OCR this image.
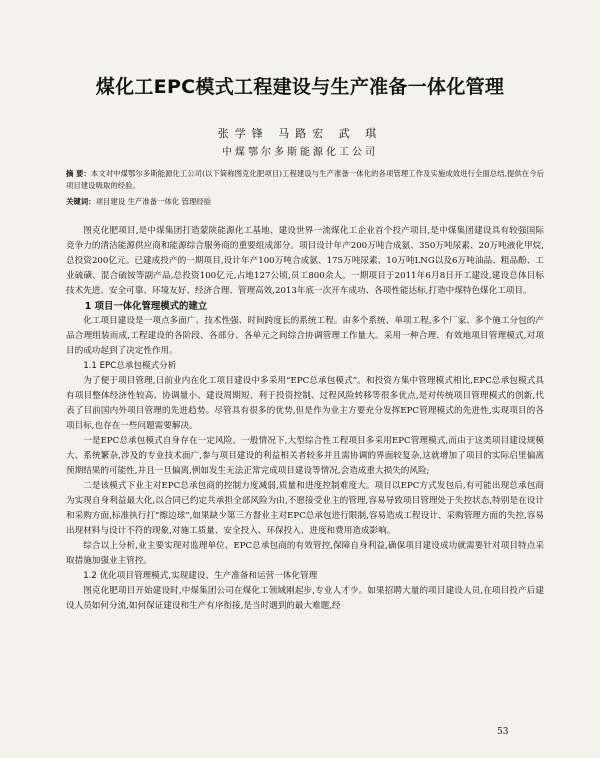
煤化工EPC模式工程建设与生产准备一体化管理
张学锋 马路宏 武 琪
中煤鄂尔多斯能源化工公司
摘 要：本文对中煤鄂尔多斯能源化工公司(以下简称图克化肥项目)工程建设与生产准备一体化的各项管理工作及实施成效进行全面总结,提供在今后项目建设吸取的经验。
关键词：项目建设 生产准备一体化 管理经验

图克化肥项目,是中煤集团打造蒙陕能源化工基地、建设世界一流煤化工企业首个投产项目,是中煤集团建设具有较强国际竞争力的清洁能源供应商和能源综合服务商的重要组成部分。项目设计年产200万吨合成氨、350万吨尿素、20万吨液化甲烷,总投资200亿元。已建成投产的一期项目,设计年产100万吨合成氨、175万吨尿素、10万吨LNG以及6万吨油品、粗品酚、工业硫磺、混合硫铵等副产品,总投资100亿元,占地127公顷,员工800余人。一期项目于2011年6月8日开工建设,建设总体目标技术先进、安全可靠、环境友好、经济合理、管理高效,2013年底一次开车成功、各项性能达标,打造中煤特色煤化工项目。

1 项目一体化管理模式的建立

化工项目建设是一项点多面广、技术性强、时间跨度长的系统工程。由多个系统、单项工程,多个厂家、多个施工分包的产品合理组装而成,工程建设的各阶段、各部分、各单元之间综合协调管理工作量大。采用一种合理、有效地项目管理模式,对项目的成功起到了决定性作用。

1.1 EPC总承包模式分析

为了便于项目管理,日前业内在化工项目建设中多采用“EPC总承包模式”。和投资方集中管理模式相比,EPC总承包模式具有项目整体经济性较高、协调量小、建设周期短、利于投资控制、过程风险转移等很多优点,是对传统项目管理模式的创新,代表了目前国内外项目管理的先进趋势。尽管具有很多的优势,但是作为业主方要充分发挥EPC管理模式的先进性,实现项目的各项目标,也存在一些问题需要解决。

一是EPC总承包模式自身存在一定风险。一般情况下,大型综合性工程项目多采用EPC管理模式,而由于这类项目建设规模大、系统繁杂,涉及的专业技术面广,参与项目建设的利益相关者较多并且需协调的界面较复杂,这就增加了项目的实际启里偏离预期结果的可能性,并且一旦偏离,例如发生无法正常完成项目建设等情况,会造成重大损失的风险;

二是该模式下业主对EPC总承包商的控制力度减弱,质量和进度控制难度大。项目以EPC方式发包后,有可能出现总承包商为实现自身利益最大化,以合同已约定共承担全部风险为由,不愿接受业主的管理,容易导致项目管理处于失控状态,特别是在设计和采购方面,标准执行打“擦边球”,如果缺少第三方督业主对EPC总承包进行限制,容易造成工程设计、采购管理方面的失控,容易出现材料与设计不符的现象,对施工质量、安全投入、环保投入、进度和费用造成影响。

综合以上分析,业主要实现对监理单位、EPC总承包商的有效管控,保障自身利益,确保项目建设成功就需要针对项目特点采取措施加强业主管控。

1.2 优化项目管理模式,实现建设、生产准备和运营一体化管理

图克化肥项目开始建设时,中煤集团公司在煤化工领域刚起步,专业人才少。如果招聘大量的项目建设人员,在项目投产后建设人员如何分流,如何保证建设和生产有序衔接,是当时遇到的最大难题,经

53
